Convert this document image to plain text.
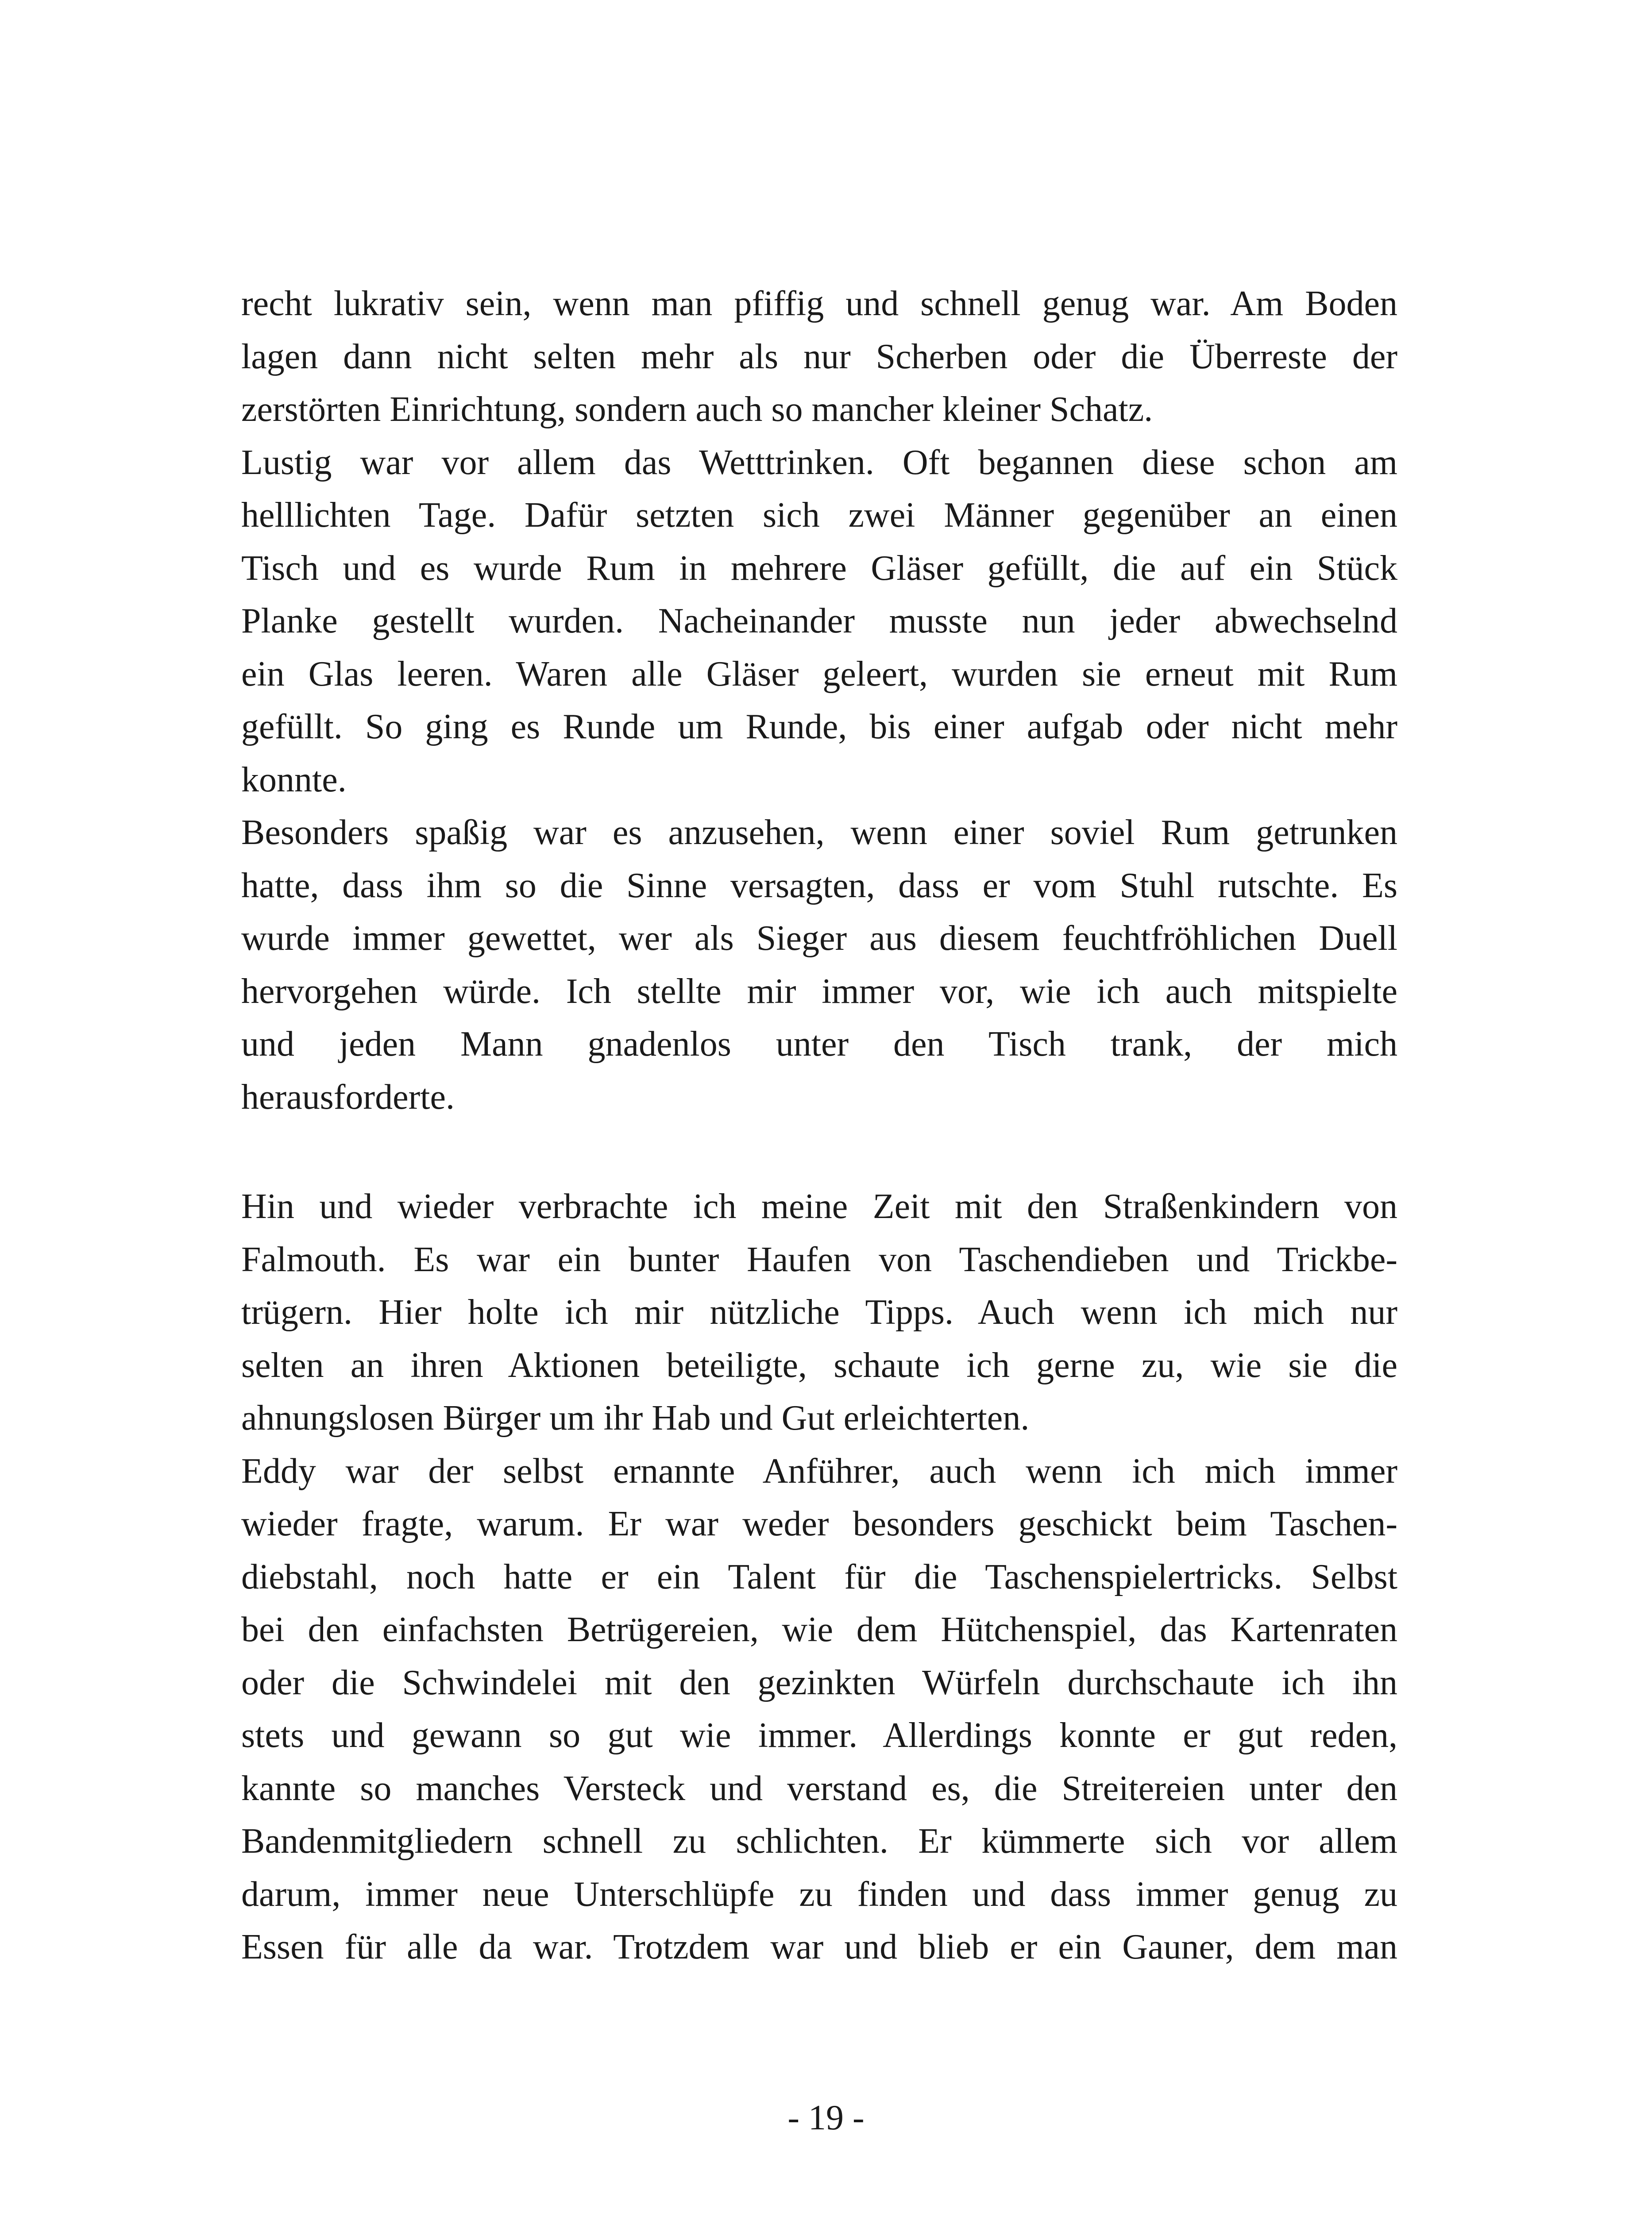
recht lukrativ sein, wenn man pfiffig und schnell genug war. Am Boden
lagen dann nicht selten mehr als nur Scherben oder die Überreste der
zerstörten Einrichtung, sondern auch so mancher kleiner Schatz.
Lustig war vor allem das Wetttrinken. Oft begannen diese schon am
helllichten Tage. Dafür setzten sich zwei Männer gegenüber an einen
Tisch und es wurde Rum in mehrere Gläser gefüllt, die auf ein Stück
Planke gestellt wurden. Nacheinander musste nun jeder abwechselnd
ein Glas leeren. Waren alle Gläser geleert, wurden sie erneut mit Rum
gefüllt. So ging es Runde um Runde, bis einer aufgab oder nicht mehr
konnte.
Besonders spaßig war es anzusehen, wenn einer soviel Rum getrunken
hatte, dass ihm so die Sinne versagten, dass er vom Stuhl rutschte. Es
wurde immer gewettet, wer als Sieger aus diesem feuchtfröhlichen Duell
hervorgehen würde. Ich stellte mir immer vor, wie ich auch mitspielte
und jeden Mann gnadenlos unter den Tisch trank, der mich
herausforderte.
Hin und wieder verbrachte ich meine Zeit mit den Straßenkindern von
Falmouth. Es war ein bunter Haufen von Taschendieben und Trickbe-
trügern. Hier holte ich mir nützliche Tipps. Auch wenn ich mich nur
selten an ihren Aktionen beteiligte, schaute ich gerne zu, wie sie die
ahnungslosen Bürger um ihr Hab und Gut erleichterten.
Eddy war der selbst ernannte Anführer, auch wenn ich mich immer
wieder fragte, warum. Er war weder besonders geschickt beim Taschen-
diebstahl, noch hatte er ein Talent für die Taschenspielertricks. Selbst
bei den einfachsten Betrügereien, wie dem Hütchenspiel, das Kartenraten
oder die Schwindelei mit den gezinkten Würfeln durchschaute ich ihn
stets und gewann so gut wie immer. Allerdings konnte er gut reden,
kannte so manches Versteck und verstand es, die Streitereien unter den
Bandenmitgliedern schnell zu schlichten. Er kümmerte sich vor allem
darum, immer neue Unterschlüpfe zu finden und dass immer genug zu
Essen für alle da war. Trotzdem war und blieb er ein Gauner, dem man
- 19 -
